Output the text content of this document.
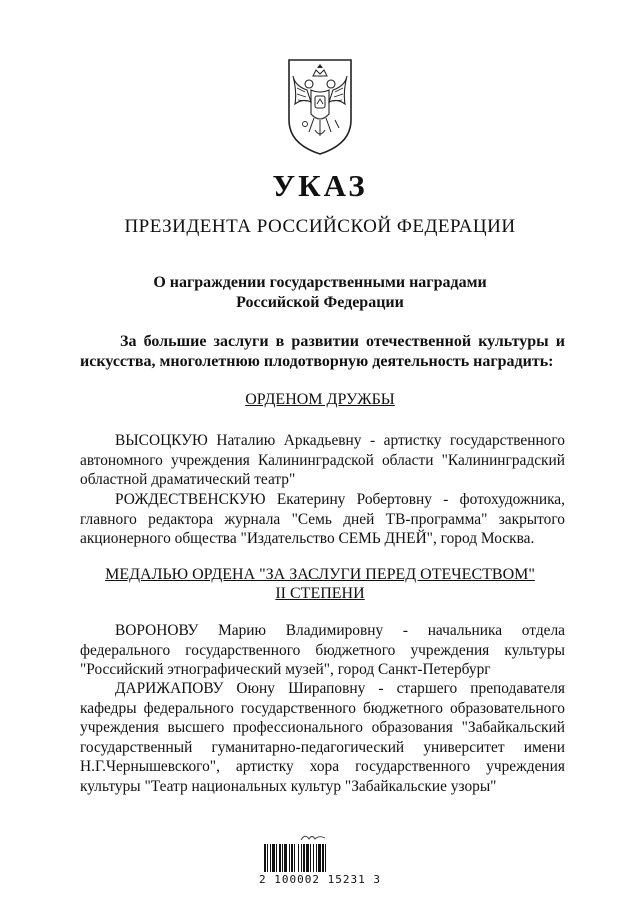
УКАЗ
ПРЕЗИДЕНТА РОССИЙСКОЙ ФЕДЕРАЦИИ
О награждении государственными наградами
Российской Федерации
За большие заслуги в развитии отечественной культуры и искусства, многолетнюю плодотворную деятельность наградить:
ОРДЕНОМ ДРУЖБЫ
ВЫСОЦКУЮ Наталию Аркадьевну - артистку государственного автономного учреждения Калининградской области "Калининградский областной драматический театр"
РОЖДЕСТВЕНСКУЮ Екатерину Робертовну - фотохудожника, главного редактора журнала "Семь дней ТВ-программа" закрытого акционерного общества "Издательство СЕМЬ ДНЕЙ", город Москва.
МЕДАЛЬЮ ОРДЕНА "ЗА ЗАСЛУГИ ПЕРЕД ОТЕЧЕСТВОМ"
II СТЕПЕНИ
ВОРОНОВУ Марию Владимировну - начальника отдела федерального государственного бюджетного учреждения культуры "Российский этнографический музей", город Санкт-Петербург
ДАРИЖАПОВУ Оюну Шираповну - старшего преподавателя кафедры федерального государственного бюджетного образовательного учреждения высшего профессионального образования "Забайкальский государственный гуманитарно-педагогический университет имени Н.Г.Чернышевского", артистку хора государственного учреждения культуры "Театр национальных культур "Забайкальские узоры"
2 100002 15231 3
